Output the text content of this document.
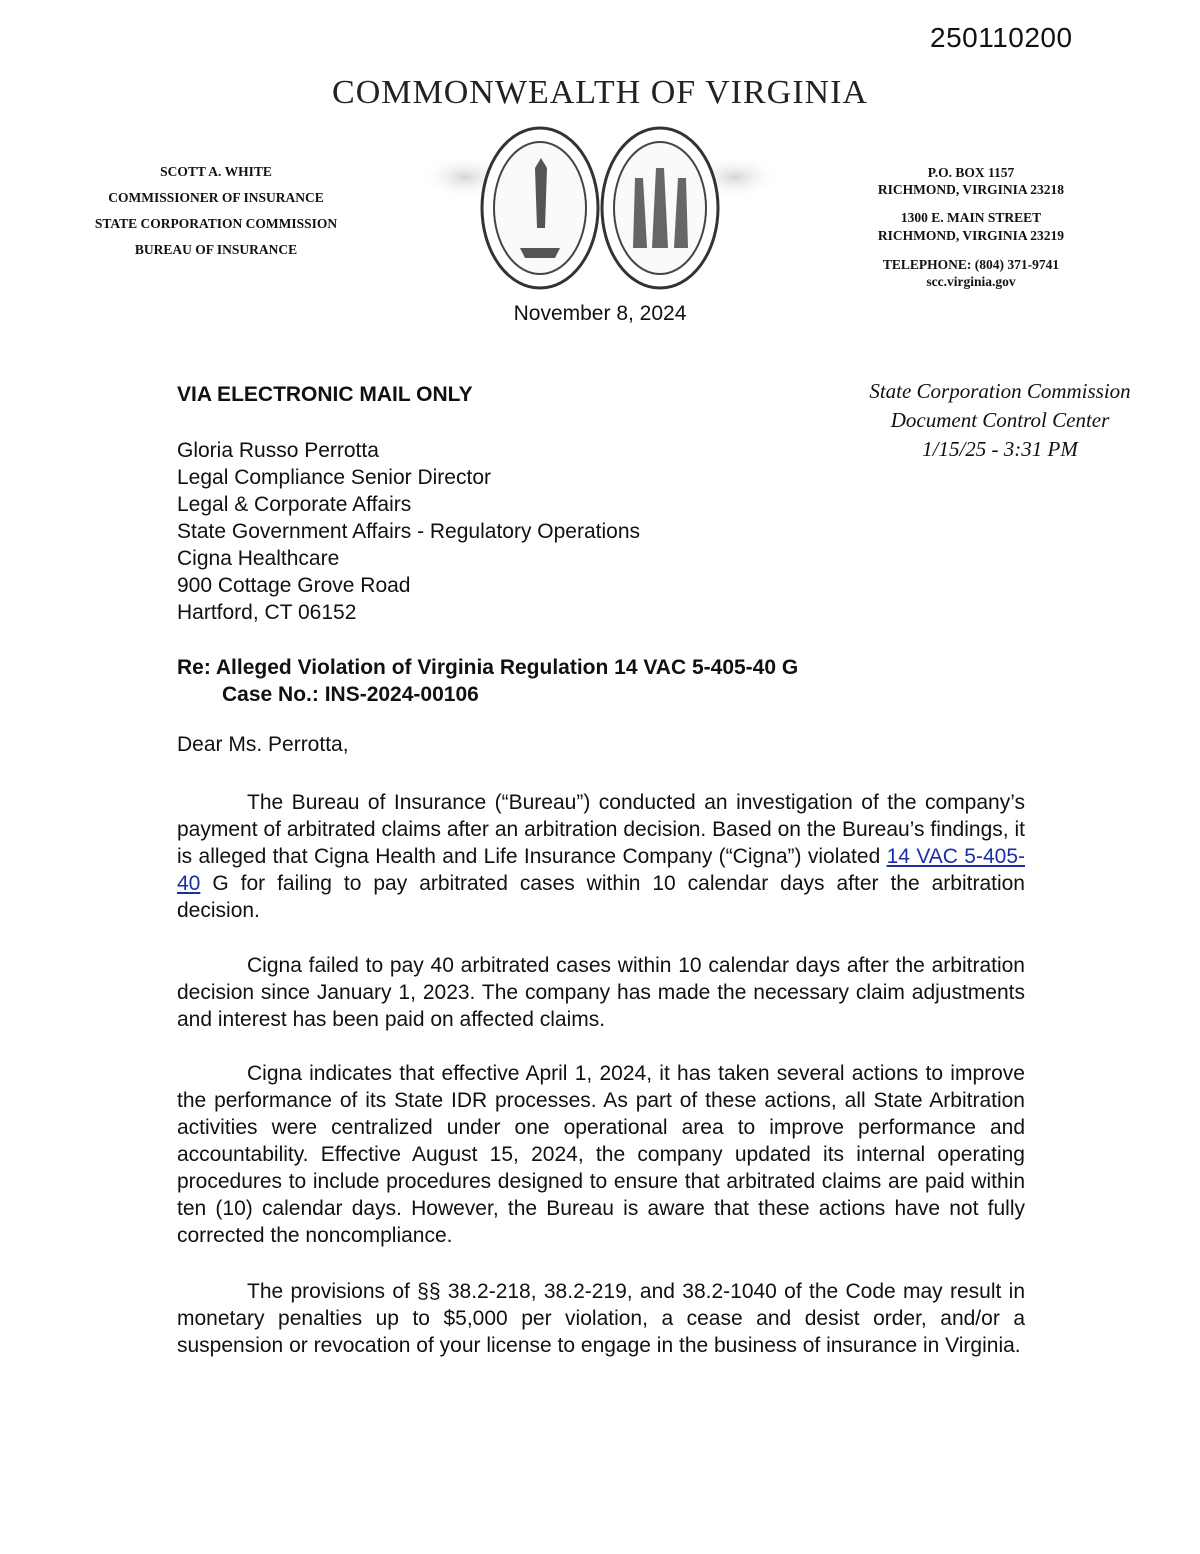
250110200
COMMONWEALTH OF VIRGINIA
SCOTT A. WHITE
COMMISSIONER OF INSURANCE
STATE CORPORATION COMMISSION
BUREAU OF INSURANCE
P.O. BOX 1157
RICHMOND, VIRGINIA 23218
1300 E. MAIN STREET
RICHMOND, VIRGINIA 23219
TELEPHONE: (804) 371-9741
scc.virginia.gov
November 8, 2024
VIA ELECTRONIC MAIL ONLY	State Corporation Commission
Document Control Center
1/15/25 - 3:31 PM
Gloria Russo Perrotta
Legal Compliance Senior Director
Legal & Corporate Affairs
State Government Affairs - Regulatory Operations
Cigna Healthcare
900 Cottage Grove Road
Hartford, CT 06152
Re: Alleged Violation of Virginia Regulation 14 VAC 5-405-40 G
Case No.: INS-2024-00106
Dear Ms. Perrotta,
The Bureau of Insurance (“Bureau”) conducted an investigation of the company’s payment of arbitrated claims after an arbitration decision. Based on the Bureau’s findings, it is alleged that Cigna Health and Life Insurance Company (“Cigna”) violated 14 VAC 5-405-40 G for failing to pay arbitrated cases within 10 calendar days after the arbitration decision.
Cigna failed to pay 40 arbitrated cases within 10 calendar days after the arbitration decision since January 1, 2023. The company has made the necessary claim adjustments and interest has been paid on affected claims.
Cigna indicates that effective April 1, 2024, it has taken several actions to improve the performance of its State IDR processes. As part of these actions, all State Arbitration activities were centralized under one operational area to improve performance and accountability. Effective August 15, 2024, the company updated its internal operating procedures to include procedures designed to ensure that arbitrated claims are paid within ten (10) calendar days. However, the Bureau is aware that these actions have not fully corrected the noncompliance.
The provisions of §§ 38.2-218, 38.2-219, and 38.2-1040 of the Code may result in monetary penalties up to $5,000 per violation, a cease and desist order, and/or a suspension or revocation of your license to engage in the business of insurance in Virginia.
